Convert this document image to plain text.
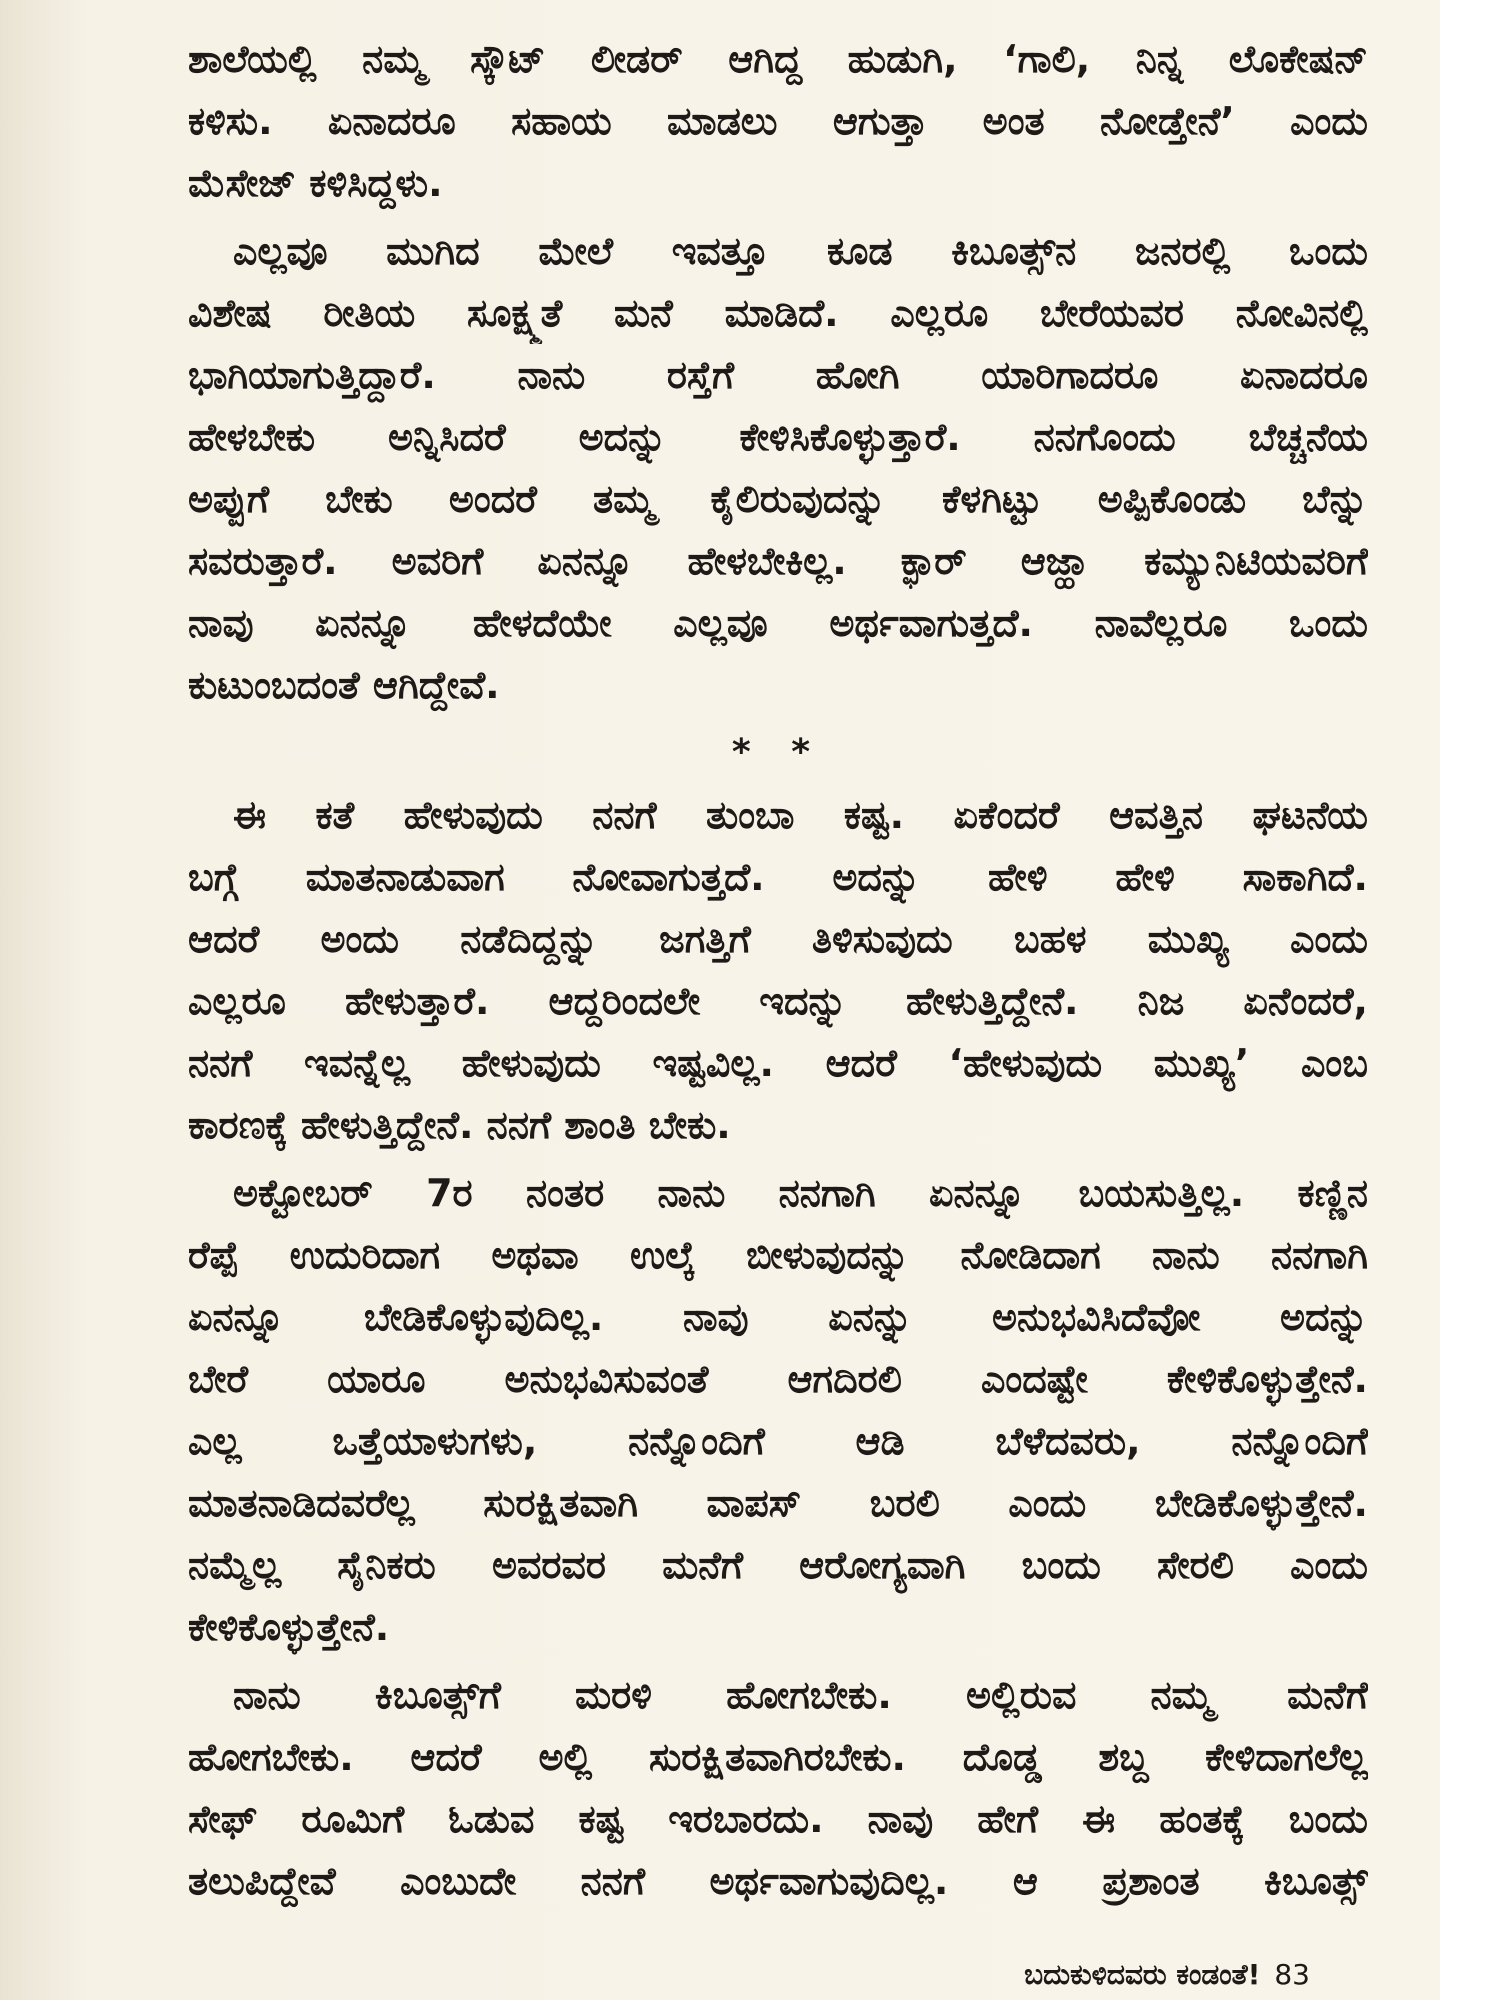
ಶಾಲೆಯಲ್ಲಿ ನಮ್ಮ ಸ್ಕೌಟ್ ಲೀಡರ್ ಆಗಿದ್ದ ಹುಡುಗಿ, ‘ಗಾಲಿ, ನಿನ್ನ ಲೊಕೇಷನ್
ಕಳಿಸು. ಏನಾದರೂ ಸಹಾಯ ಮಾಡಲು ಆಗುತ್ತಾ ಅಂತ ನೋಡ್ತೇನೆ’ ಎಂದು
ಮೆಸೇಜ್ ಕಳಿಸಿದ್ದಳು.
ಎಲ್ಲವೂ ಮುಗಿದ ಮೇಲೆ ಇವತ್ತೂ ಕೂಡ ಕಿಬೂತ್ಸ್‌ನ ಜನರಲ್ಲಿ ಒಂದು
ವಿಶೇಷ ರೀತಿಯ ಸೂಕ್ಷ್ಮತೆ ಮನೆ ಮಾಡಿದೆ. ಎಲ್ಲರೂ ಬೇರೆಯವರ ನೋವಿನಲ್ಲಿ
ಭಾಗಿಯಾಗುತ್ತಿದ್ದಾರೆ. ನಾನು ರಸ್ತೆಗೆ ಹೋಗಿ ಯಾರಿಗಾದರೂ ಏನಾದರೂ
ಹೇಳಬೇಕು ಅನ್ನಿಸಿದರೆ ಅದನ್ನು ಕೇಳಿಸಿಕೊಳ್ಳುತ್ತಾರೆ. ನನಗೊಂದು ಬೆಚ್ಚನೆಯ
ಅಪ್ಪುಗೆ ಬೇಕು ಅಂದರೆ ತಮ್ಮ ಕೈಲಿರುವುದನ್ನು ಕೆಳಗಿಟ್ಟು ಅಪ್ಪಿಕೊಂಡು ಬೆನ್ನು
ಸವರುತ್ತಾರೆ. ಅವರಿಗೆ ಏನನ್ನೂ ಹೇಳಬೇಕಿಲ್ಲ. ಕ್ಫಾರ್ ಆಜ್ಹಾ ಕಮ್ಯುನಿಟಿಯವರಿಗೆ
ನಾವು ಏನನ್ನೂ ಹೇಳದೆಯೇ ಎಲ್ಲವೂ ಅರ್ಥವಾಗುತ್ತದೆ. ನಾವೆಲ್ಲರೂ ಒಂದು
ಕುಟುಂಬದಂತೆ ಆಗಿದ್ದೇವೆ.
* *
ಈ ಕತೆ ಹೇಳುವುದು ನನಗೆ ತುಂಬಾ ಕಷ್ಟ. ಏಕೆಂದರೆ ಆವತ್ತಿನ ಘಟನೆಯ
ಬಗ್ಗೆ ಮಾತನಾಡುವಾಗ ನೋವಾಗುತ್ತದೆ. ಅದನ್ನು ಹೇಳಿ ಹೇಳಿ ಸಾಕಾಗಿದೆ.
ಆದರೆ ಅಂದು ನಡೆದಿದ್ದನ್ನು ಜಗತ್ತಿಗೆ ತಿಳಿಸುವುದು ಬಹಳ ಮುಖ್ಯ ಎಂದು
ಎಲ್ಲರೂ ಹೇಳುತ್ತಾರೆ. ಆದ್ದರಿಂದಲೇ ಇದನ್ನು ಹೇಳುತ್ತಿದ್ದೇನೆ. ನಿಜ ಏನೆಂದರೆ,
ನನಗೆ ಇವನ್ನೆಲ್ಲ ಹೇಳುವುದು ಇಷ್ಟವಿಲ್ಲ. ಆದರೆ ‘ಹೇಳುವುದು ಮುಖ್ಯ’ ಎಂಬ
ಕಾರಣಕ್ಕೆ ಹೇಳುತ್ತಿದ್ದೇನೆ. ನನಗೆ ಶಾಂತಿ ಬೇಕು.
ಅಕ್ಟೋಬರ್ 7ರ ನಂತರ ನಾನು ನನಗಾಗಿ ಏನನ್ನೂ ಬಯಸುತ್ತಿಲ್ಲ. ಕಣ್ಣಿನ
ರೆಪ್ಪೆ ಉದುರಿದಾಗ ಅಥವಾ ಉಲ್ಕೆ ಬೀಳುವುದನ್ನು ನೋಡಿದಾಗ ನಾನು ನನಗಾಗಿ
ಏನನ್ನೂ ಬೇಡಿಕೊಳ್ಳುವುದಿಲ್ಲ. ನಾವು ಏನನ್ನು ಅನುಭವಿಸಿದೆವೋ ಅದನ್ನು
ಬೇರೆ ಯಾರೂ ಅನುಭವಿಸುವಂತೆ ಆಗದಿರಲಿ ಎಂದಷ್ಟೇ ಕೇಳಿಕೊಳ್ಳುತ್ತೇನೆ.
ಎಲ್ಲ ಒತ್ತೆಯಾಳುಗಳು, ನನ್ನೊಂದಿಗೆ ಆಡಿ ಬೆಳೆದವರು, ನನ್ನೊಂದಿಗೆ
ಮಾತನಾಡಿದವರೆಲ್ಲ ಸುರಕ್ಷಿತವಾಗಿ ವಾಪಸ್ ಬರಲಿ ಎಂದು ಬೇಡಿಕೊಳ್ಳುತ್ತೇನೆ.
ನಮ್ಮೆಲ್ಲ ಸೈನಿಕರು ಅವರವರ ಮನೆಗೆ ಆರೋಗ್ಯವಾಗಿ ಬಂದು ಸೇರಲಿ ಎಂದು
ಕೇಳಿಕೊಳ್ಳುತ್ತೇನೆ.
ನಾನು ಕಿಬೂತ್ಸ್‌ಗೆ ಮರಳಿ ಹೋಗಬೇಕು. ಅಲ್ಲಿರುವ ನಮ್ಮ ಮನೆಗೆ
ಹೋಗಬೇಕು. ಆದರೆ ಅಲ್ಲಿ ಸುರಕ್ಷಿತವಾಗಿರಬೇಕು. ದೊಡ್ಡ ಶಬ್ದ ಕೇಳಿದಾಗಲೆಲ್ಲ
ಸೇಫ್ ರೂಮಿಗೆ ಓಡುವ ಕಷ್ಟ ಇರಬಾರದು. ನಾವು ಹೇಗೆ ಈ ಹಂತಕ್ಕೆ ಬಂದು
ತಲುಪಿದ್ದೇವೆ ಎಂಬುದೇ ನನಗೆ ಅರ್ಥವಾಗುವುದಿಲ್ಲ. ಆ ಪ್ರಶಾಂತ ಕಿಬೂತ್ಸ್
ಬದುಕುಳಿದವರು ಕಂಡಂತೆ! 83
